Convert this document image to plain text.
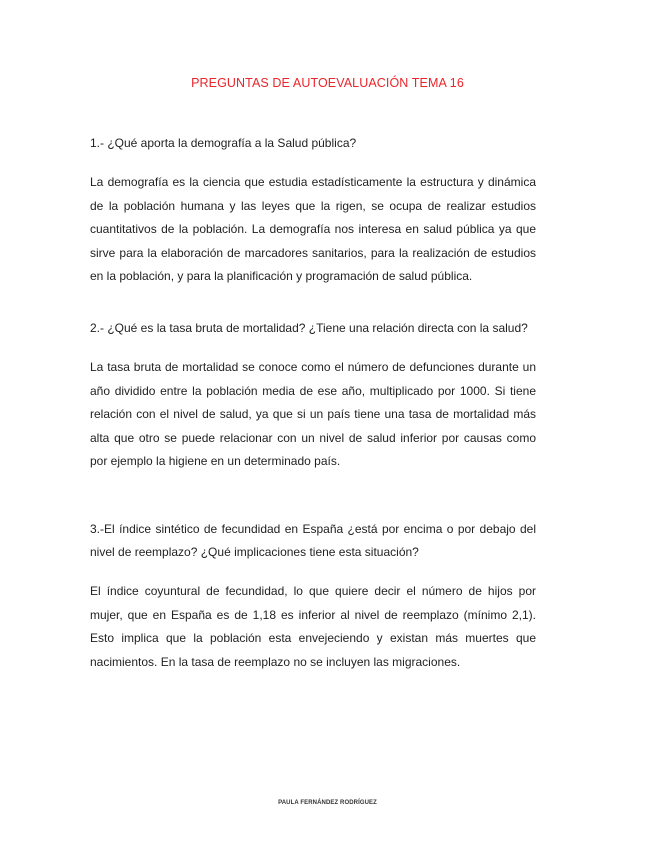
PREGUNTAS DE AUTOEVALUACIÓN TEMA 16

1.- ¿Qué aporta la demografía a la Salud pública?

La demografía es la ciencia que estudia estadísticamente la estructura y dinámica de la población humana y las leyes que la rigen, se ocupa de realizar estudios cuantitativos de la población. La demografía nos interesa en salud pública ya que sirve para la elaboración de marcadores sanitarios, para la realización de estudios en la población, y para la planificación y programación de salud pública.

2.- ¿Qué es la tasa bruta de mortalidad? ¿Tiene una relación directa con la salud?

La tasa bruta de mortalidad se conoce como el número de defunciones durante un año dividido entre la población media de ese año, multiplicado por 1000. Si tiene relación con el nivel de salud, ya que si un país tiene una tasa de mortalidad más alta que otro se puede relacionar con un nivel de salud inferior por causas como por ejemplo la higiene en un determinado país.

3.-El índice sintético de fecundidad en España ¿está por encima o por debajo del nivel de reemplazo? ¿Qué implicaciones tiene esta situación?

El índice coyuntural de fecundidad, lo que quiere decir el número de hijos por mujer, que en España es de 1,18 es inferior al nivel de reemplazo (mínimo 2,1). Esto implica que la población esta envejeciendo y existan más muertes que nacimientos. En la tasa de reemplazo no se incluyen las migraciones.

PAULA FERNÁNDEZ RODRÍGUEZ
